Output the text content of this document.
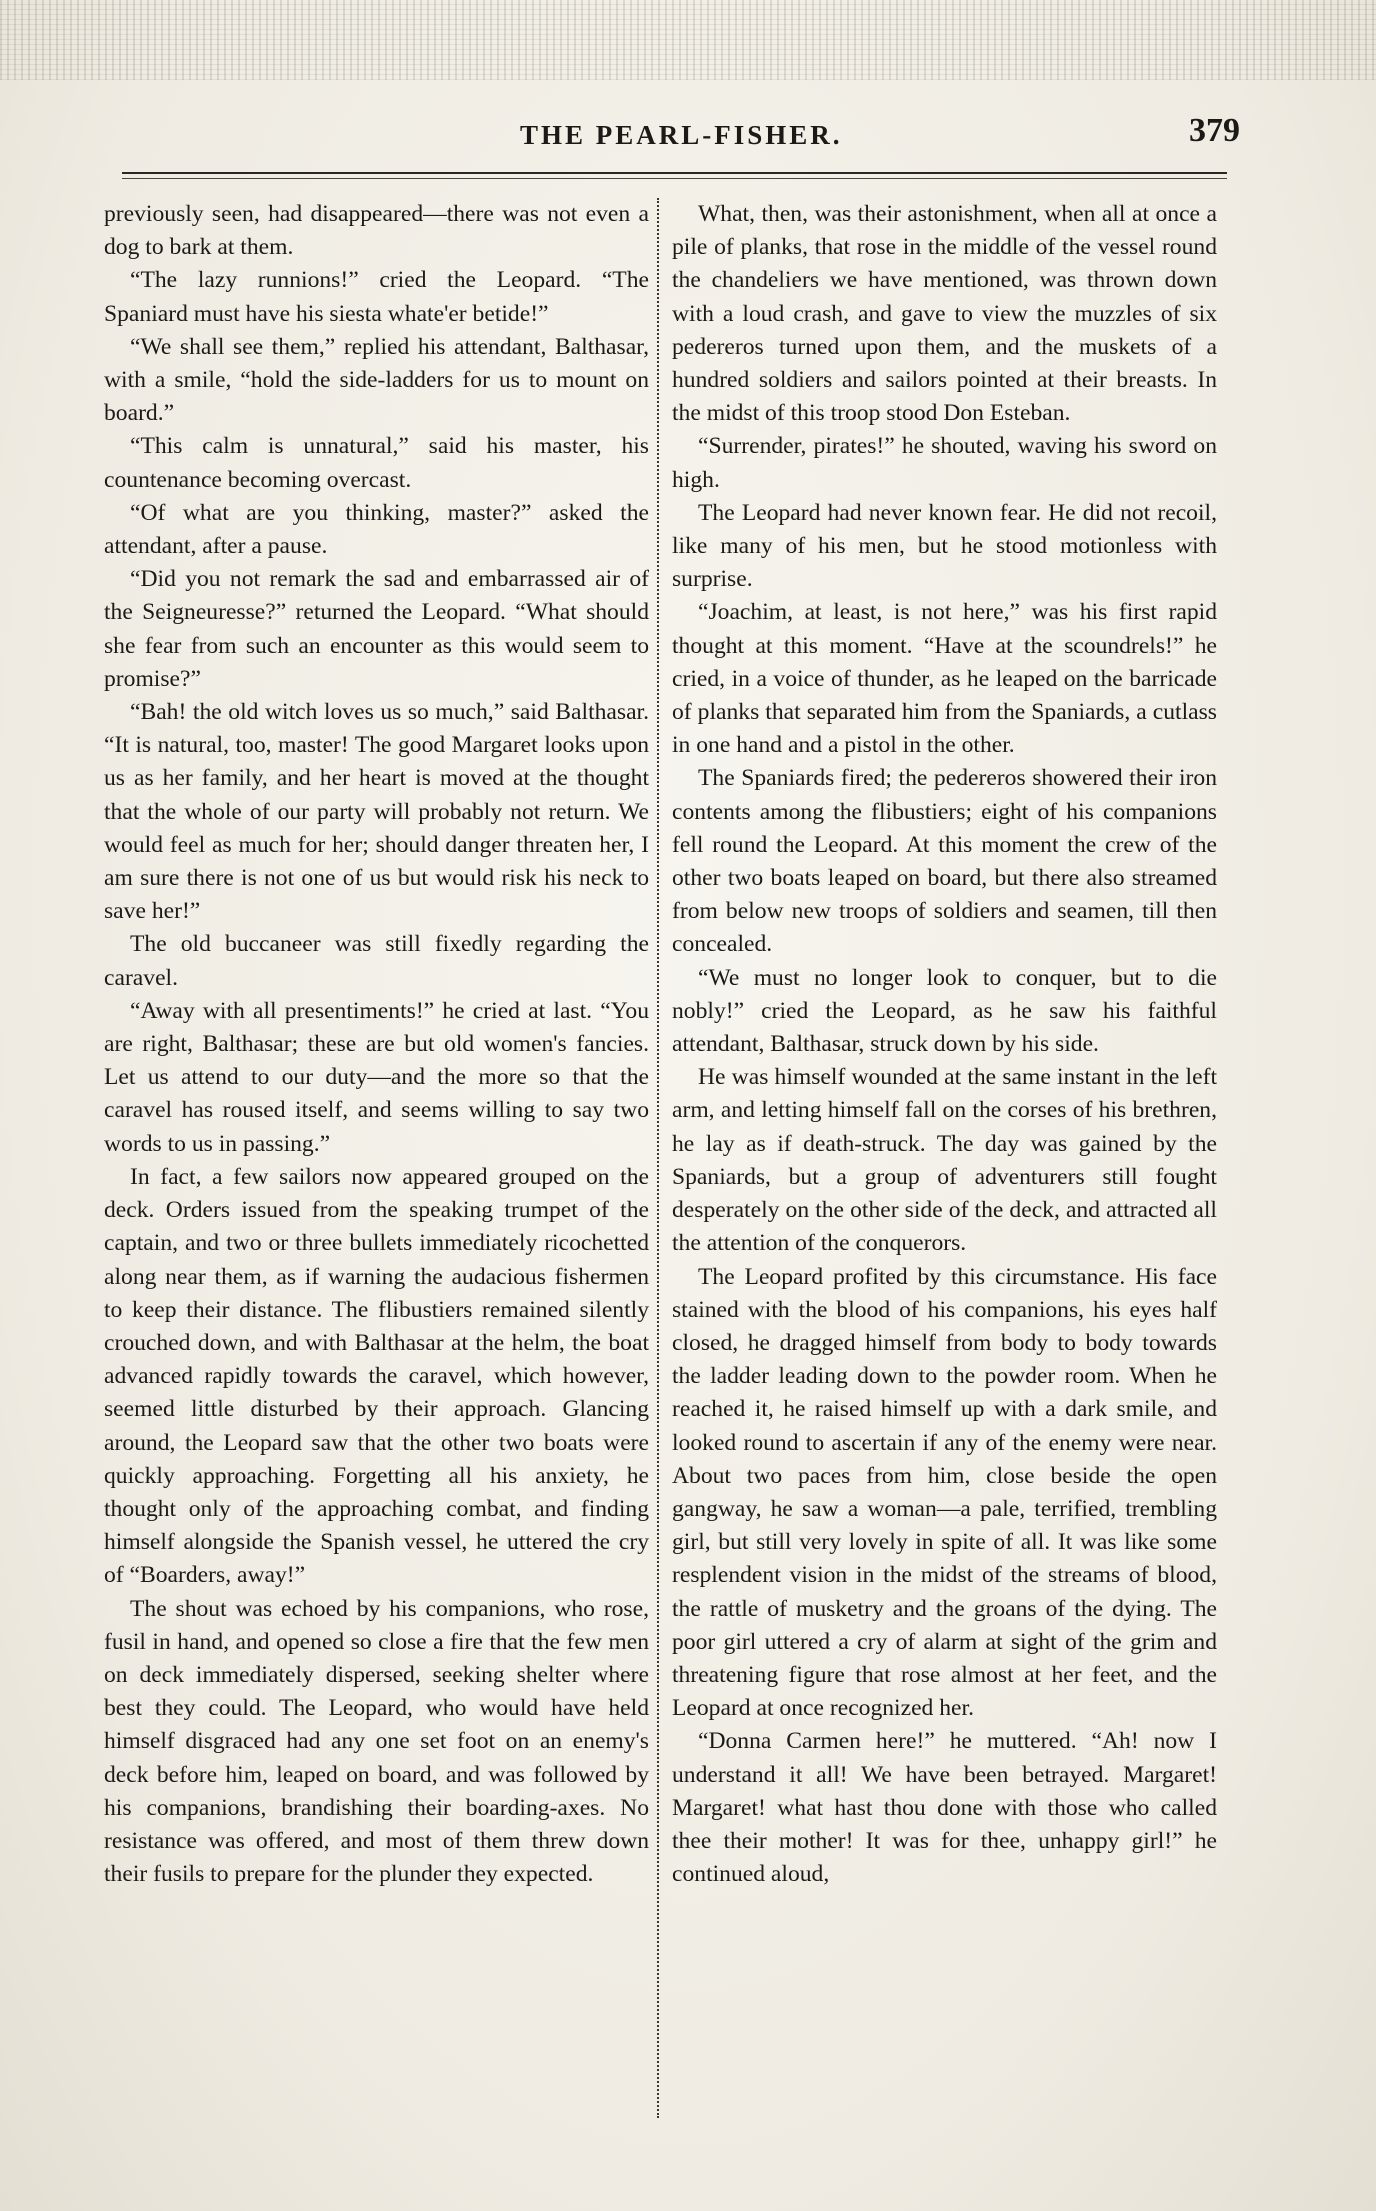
THE PEARL-FISHER.	379

previously seen, had disappeared—there was not even a dog to bark at them.

“The lazy runnions!” cried the Leopard. “The Spaniard must have his siesta whate'er betide!”

“We shall see them,” replied his attendant, Balthasar, with a smile, “hold the side-ladders for us to mount on board.”

“This calm is unnatural,” said his master, his countenance becoming overcast.

“Of what are you thinking, master?” asked the attendant, after a pause.

“Did you not remark the sad and embarrassed air of the Seigneuresse?” returned the Leopard. “What should she fear from such an encounter as this would seem to promise?”

“Bah! the old witch loves us so much,” said Balthasar. “It is natural, too, master! The good Margaret looks upon us as her family, and her heart is moved at the thought that the whole of our party will probably not return. We would feel as much for her; should danger threaten her, I am sure there is not one of us but would risk his neck to save her!”

The old buccaneer was still fixedly regarding the caravel.

“Away with all presentiments!” he cried at last. “You are right, Balthasar; these are but old women's fancies. Let us attend to our duty—and the more so that the caravel has roused itself, and seems willing to say two words to us in passing.”

In fact, a few sailors now appeared grouped on the deck. Orders issued from the speaking trumpet of the captain, and two or three bullets immediately ricochetted along near them, as if warning the audacious fishermen to keep their distance. The flibustiers remained silently crouched down, and with Balthasar at the helm, the boat advanced rapidly towards the caravel, which however, seemed little disturbed by their approach. Glancing around, the Leopard saw that the other two boats were quickly approaching. Forgetting all his anxiety, he thought only of the approaching combat, and finding himself alongside the Spanish vessel, he uttered the cry of “Boarders, away!”

The shout was echoed by his companions, who rose, fusil in hand, and opened so close a fire that the few men on deck immediately dispersed, seeking shelter where best they could. The Leopard, who would have held himself disgraced had any one set foot on an enemy's deck before him, leaped on board, and was followed by his companions, brandishing their boarding-axes. No resistance was offered, and most of them threw down their fusils to prepare for the plunder they expected.

What, then, was their astonishment, when all at once a pile of planks, that rose in the middle of the vessel round the chandeliers we have mentioned, was thrown down with a loud crash, and gave to view the muzzles of six pedereros turned upon them, and the muskets of a hundred soldiers and sailors pointed at their breasts. In the midst of this troop stood Don Esteban.

“Surrender, pirates!” he shouted, waving his sword on high.

The Leopard had never known fear. He did not recoil, like many of his men, but he stood motionless with surprise.

“Joachim, at least, is not here,” was his first rapid thought at this moment. “Have at the scoundrels!” he cried, in a voice of thunder, as he leaped on the barricade of planks that separated him from the Spaniards, a cutlass in one hand and a pistol in the other.

The Spaniards fired; the pedereros showered their iron contents among the flibustiers; eight of his companions fell round the Leopard. At this moment the crew of the other two boats leaped on board, but there also streamed from below new troops of soldiers and seamen, till then concealed.

“We must no longer look to conquer, but to die nobly!” cried the Leopard, as he saw his faithful attendant, Balthasar, struck down by his side.

He was himself wounded at the same instant in the left arm, and letting himself fall on the corses of his brethren, he lay as if death-struck. The day was gained by the Spaniards, but a group of adventurers still fought desperately on the other side of the deck, and attracted all the attention of the conquerors.

The Leopard profited by this circumstance. His face stained with the blood of his companions, his eyes half closed, he dragged himself from body to body towards the ladder leading down to the powder room. When he reached it, he raised himself up with a dark smile, and looked round to ascertain if any of the enemy were near. About two paces from him, close beside the open gangway, he saw a woman—a pale, terrified, trembling girl, but still very lovely in spite of all. It was like some resplendent vision in the midst of the streams of blood, the rattle of musketry and the groans of the dying. The poor girl uttered a cry of alarm at sight of the grim and threatening figure that rose almost at her feet, and the Leopard at once recognized her.

“Donna Carmen here!” he muttered. “Ah! now I understand it all! We have been betrayed. Margaret! Margaret! what hast thou done with those who called thee their mother! It was for thee, unhappy girl!” he continued aloud,
